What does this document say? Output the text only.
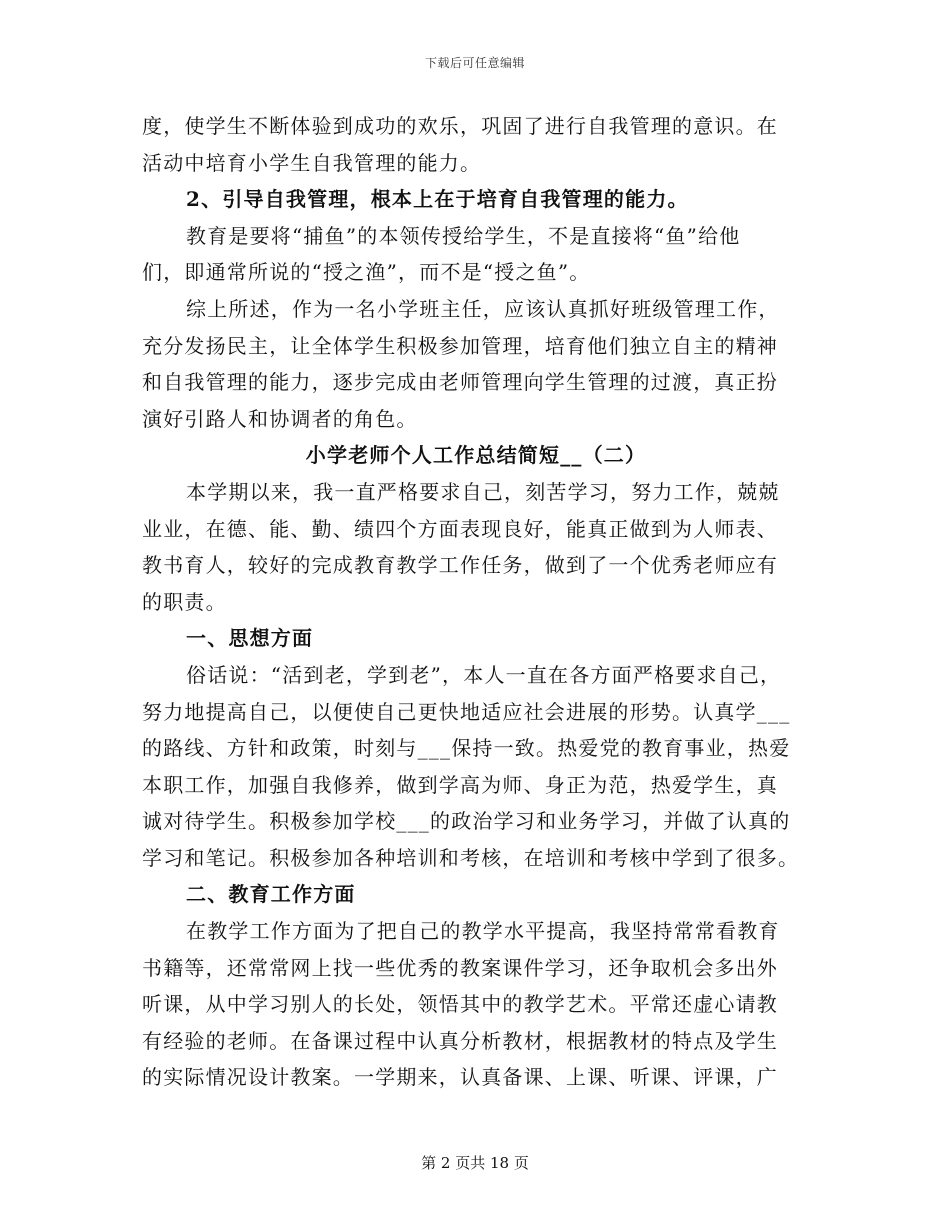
下载后可任意编辑
度，使学生不断体验到成功的欢乐，巩固了进行自我管理的意识。在
活动中培育小学生自我管理的能力。
2、引导自我管理，根本上在于培育自我管理的能力。
教育是要将“捕鱼”的本领传授给学生，不是直接将“鱼”给他
们，即通常所说的“授之渔”，而不是“授之鱼”。
综上所述，作为一名小学班主任，应该认真抓好班级管理工作，
充分发扬民主，让全体学生积极参加管理，培育他们独立自主的精神
和自我管理的能力，逐步完成由老师管理向学生管理的过渡，真正扮
演好引路人和协调者的角色。
小学老师个人工作总结简短__（二）
本学期以来，我一直严格要求自己，刻苦学习，努力工作，兢兢
业业，在德、能、勤、绩四个方面表现良好，能真正做到为人师表、
教书育人，较好的完成教育教学工作任务，做到了一个优秀老师应有
的职责。
一、思想方面
俗话说：“活到老，学到老”，本人一直在各方面严格要求自己，
努力地提高自己，以便使自己更快地适应社会进展的形势。认真学___
的路线、方针和政策，时刻与___保持一致。热爱党的教育事业，热爱
本职工作，加强自我修养，做到学高为师、身正为范，热爱学生，真
诚对待学生。积极参加学校___的政治学习和业务学习，并做了认真的
学习和笔记。积极参加各种培训和考核，在培训和考核中学到了很多。
二、教育工作方面
在教学工作方面为了把自己的教学水平提高，我坚持常常看教育
书籍等，还常常网上找一些优秀的教案课件学习，还争取机会多出外
听课，从中学习别人的长处，领悟其中的教学艺术。平常还虚心请教
有经验的老师。在备课过程中认真分析教材，根据教材的特点及学生
的实际情况设计教案。一学期来，认真备课、上课、听课、评课，广
第 2 页共 18 页
